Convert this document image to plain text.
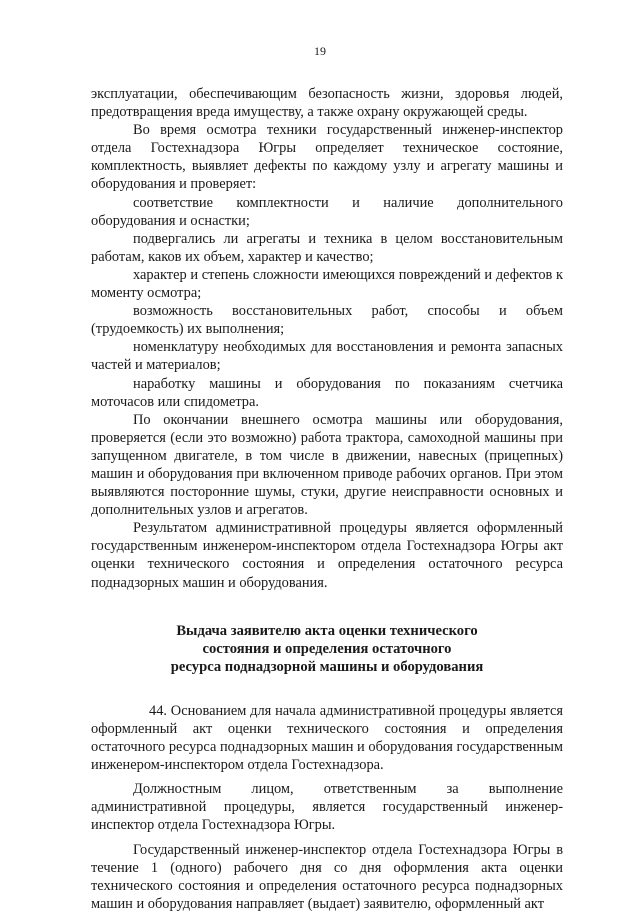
19

эксплуатации, обеспечивающим безопасность жизни, здоровья людей, предотвращения вреда имуществу, а также охрану окружающей среды.

Во время осмотра техники государственный инженер-инспектор отдела Гостехнадзора Югры определяет техническое состояние, комплектность, выявляет дефекты по каждому узлу и агрегату машины и оборудования и проверяет:

соответствие комплектности и наличие дополнительного оборудования и оснастки;

подвергались ли агрегаты и техника в целом восстановительным работам, каков их объем, характер и качество;

характер и степень сложности имеющихся повреждений и дефектов к моменту осмотра;

возможность восстановительных работ, способы и объем (трудоемкость) их выполнения;

номенклатуру необходимых для восстановления и ремонта запасных частей и материалов;

наработку машины и оборудования по показаниям счетчика моточасов или спидометра.

По окончании внешнего осмотра машины или оборудования, проверяется (если это возможно) работа трактора, самоходной машины при запущенном двигателе, в том числе в движении, навесных (прицепных) машин и оборудования при включенном приводе рабочих органов. При этом выявляются посторонние шумы, стуки, другие неисправности основных и дополнительных узлов и агрегатов.

Результатом административной процедуры является оформленный государственным инженером-инспектором отдела Гостехнадзора Югры акт оценки технического состояния и определения остаточного ресурса поднадзорных машин и оборудования.

Выдача заявителю акта оценки технического
состояния и определения остаточного
ресурса поднадзорной машины и оборудования

44. Основанием для начала административной процедуры является оформленный акт оценки технического состояния и определения остаточного ресурса поднадзорных машин и оборудования государственным инженером-инспектором отдела Гостехнадзора.

Должностным лицом, ответственным за выполнение административной процедуры, является государственный инженер-инспектор отдела Гостехнадзора Югры.

Государственный инженер-инспектор отдела Гостехнадзора Югры в течение 1 (одного) рабочего дня со дня оформления акта оценки технического состояния и определения остаточного ресурса поднадзорных машин и оборудования направляет (выдает) заявителю, оформленный акт
